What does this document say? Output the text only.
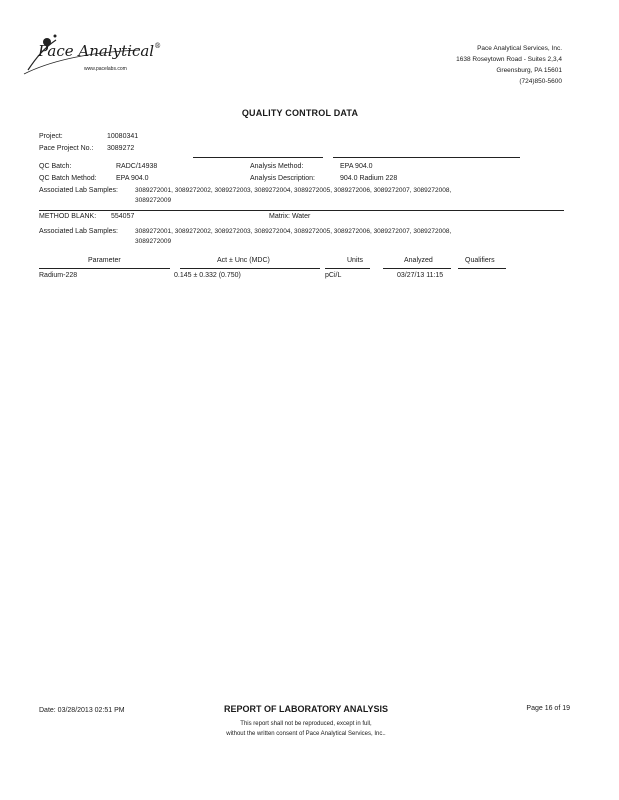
Pace Analytical®
www.pacelabs.com
Pace Analytical Services, Inc.
1638 Roseytown Road - Suites 2,3,4
Greensburg, PA 15601
(724)850-5600
QUALITY CONTROL DATA
Project:	10080341
Pace Project No.: 3089272
QC Batch:	RADC/14938	Analysis Method:	EPA 904.0
QC Batch Method:	EPA 904.0	Analysis Description:	904.0 Radium 228
Associated Lab Samples:	3089272001, 3089272002, 3089272003, 3089272004, 3089272005, 3089272006, 3089272007, 3089272008,
3089272009
METHOD BLANK: 554057	Matrix: Water
Associated Lab Samples:	3089272001, 3089272002, 3089272003, 3089272004, 3089272005, 3089272006, 3089272007, 3089272008,
3089272009
Parameter	Act ± Unc (MDC)	Units	Analyzed	Qualifiers
Radium-228	0.145 ± 0.332 (0.750)	pCi/L	03/27/13 11:15
Date: 03/28/2013 02:51 PM	REPORT OF LABORATORY ANALYSIS	Page 16 of 19
This report shall not be reproduced, except in full,
without the written consent of Pace Analytical Services, Inc..
